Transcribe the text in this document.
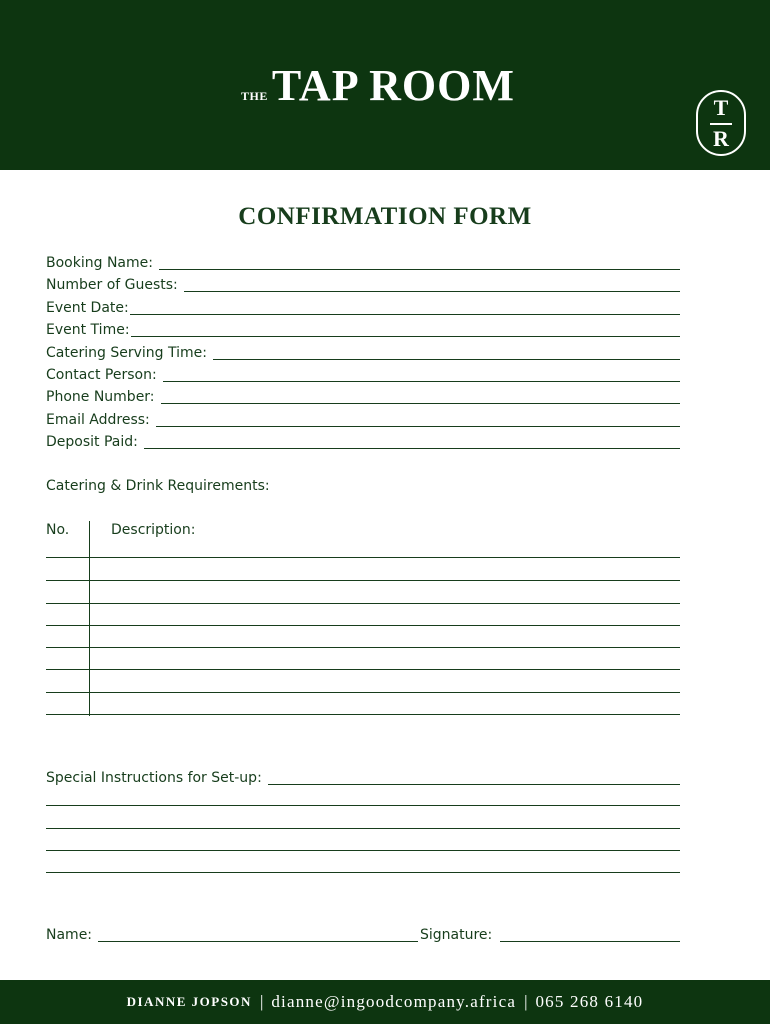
THE TAP ROOM	T
R
CONFIRMATION FORM
Booking Name:
Number of Guests:
Event Date:
Event Time:
Catering Serving Time:
Contact Person:
Phone Number:
Email Address:
Deposit Paid:
Catering & Drink Requirements:
No.	Description:
Special Instructions for Set-up:
Name:	Signature:
DIANNE JOPSON | dianne@ingoodcompany.africa | 065 268 6140
